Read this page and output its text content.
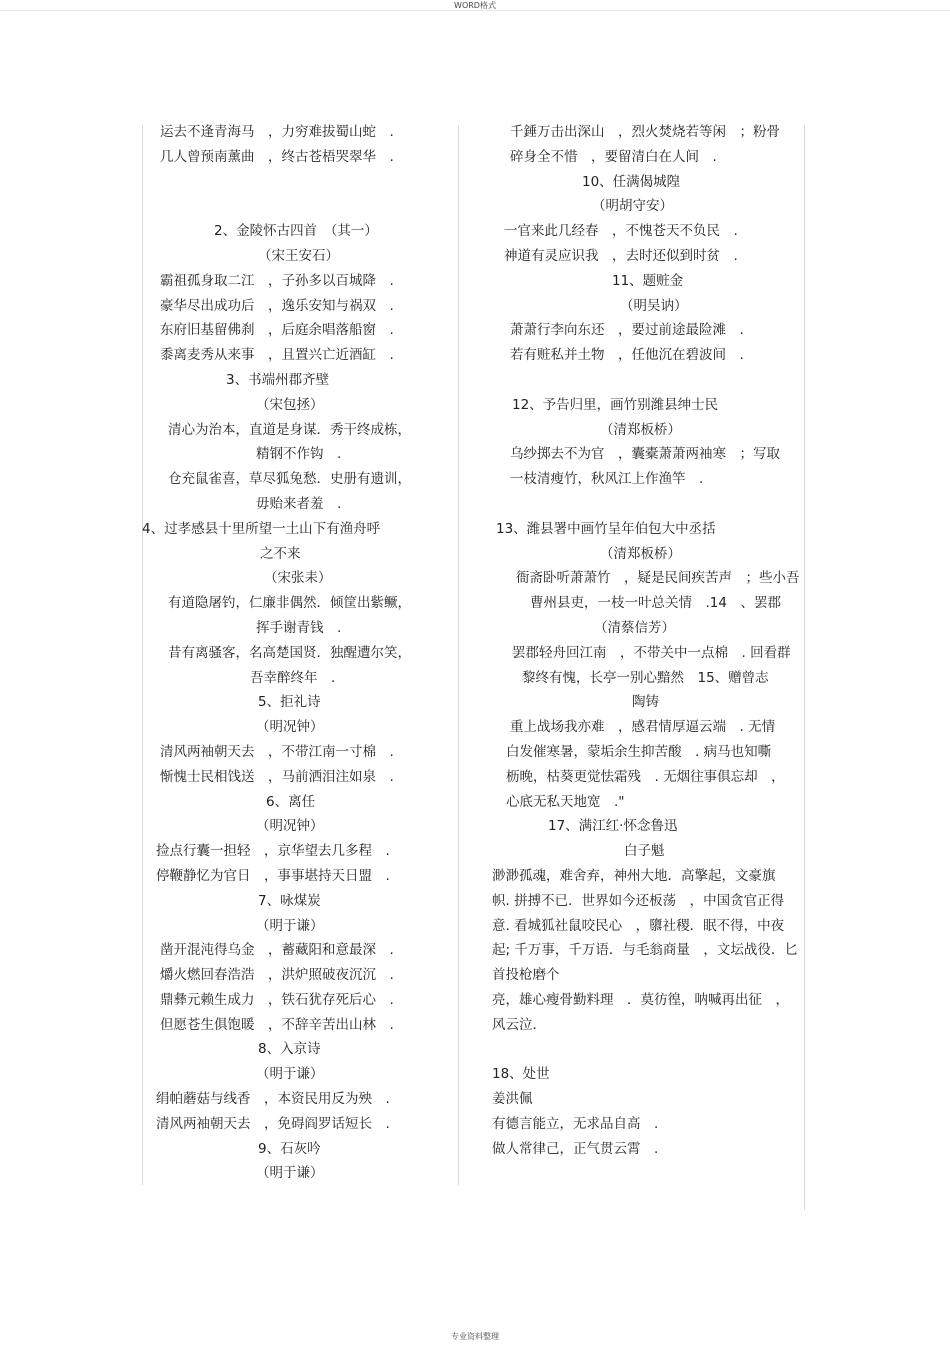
WORD格式
运去不逢青海马　，力穷难拔蜀山蛇　.
几人曾预南薰曲　，终古苍梧哭翠华　.
2、金陵怀古四首　（其一）
（宋王安石）
霸祖孤身取二江　，子孙多以百城降　.
豪华尽出成功后　，逸乐安知与祸双　.
东府旧基留佛刹　，后庭余唱落船窗　.
黍离麦秀从来事　，且置兴亡近酒缸　.
3、书端州郡齐壁
（宋包拯）
清心为治本，直道是身谋．秀干终成栋，
精钢不作钩　.
仓充鼠雀喜，草尽狐兔愁．史册有遗训，
毋贻来者羞　.
4、过孝感县十里所望一土山下有渔舟呼
之不来
（宋张耒）
有道隐屠钓，仁廉非偶然．倾筐出紫鳜，
挥手谢青钱　.
昔有离骚客，名高楚国贤．独醒遭尔笑，
吾幸醉终年　.
5、拒礼诗
（明况钟）
清风两袖朝天去　，不带江南一寸棉　.
惭愧士民相饯送　，马前洒泪注如泉　.
6、离任
（明况钟）
捡点行囊一担轻　，京华望去几多程　.
停鞭静忆为官日　，事事堪持天日盟　.
7、咏煤炭
（明于谦）
凿开混沌得乌金　，蓄藏阳和意最深　.
爝火燃回春浩浩　，洪炉照破夜沉沉　.
鼎彝元赖生成力　，铁石犹存死后心　.
但愿苍生俱饱暖　，不辞辛苦出山林　.
8、入京诗
（明于谦）
绢帕蘑菇与线香　，本资民用反为殃　.
清风两袖朝天去　，免碍阎罗话短长　.
9、石灰吟
（明于谦）
千錘万击出深山　，烈火焚烧若等闲　；粉骨
碎身全不惜　，要留清白在人间　.
10、任满偈城隍
（明胡守安）
一官来此几经春　，不愧苍天不负民　.
神道有灵应识我　，去时还似到时贫　.
11、题赃金
（明吴讷）
萧萧行李向东还　，要过前途最险滩　.
若有赃私并土物　，任他沉在碧波间　.
12、予告归里，画竹别潍县绅士民
（清郑板桥）
乌纱掷去不为官　，囊橐萧萧两袖寒　；写取
一枝清瘦竹，秋风江上作渔竿　.
13、潍县署中画竹呈年伯包大中丞括
（清郑板桥）
衙斋卧听萧萧竹　，疑是民间疾苦声　；些小吾
曹州县吏，一枝一叶总关情　.14　、罢郡
（清蔡信芳）
罢郡轻舟回江南　，不带关中一点棉　. 回看群
黎终有愧，长亭一别心黯然　15、赠曾志
陶铸
重上战场我亦难　，感君情厚逼云端　. 无情
白发催寒暑，蒙垢余生抑苦酸　. 病马也知嘶
枥晚，枯葵更觉怯霜残　. 无烟往事俱忘却　，
心底无私天地宽　."
17、满江红·怀念鲁迅
白子魁
渺渺孤魂，难舍弃，神州大地．高擎起，文豪旗
帜. 拼搏不已．世界如今还板荡　，中国贪官正得
意. 看城狐社鼠咬民心　，隳社稷．眠不得，中夜
起; 千万事，千万语．与毛翁商量　，文坛战役．匕
首投枪磨个
亮，雄心瘦骨勤料理　．莫彷徨，呐喊再出征　，
风云泣．
18、处世
姜洪佩
有德言能立，无求品自高　.
做人常律己，正气贯云霄　.
专业资料整理
